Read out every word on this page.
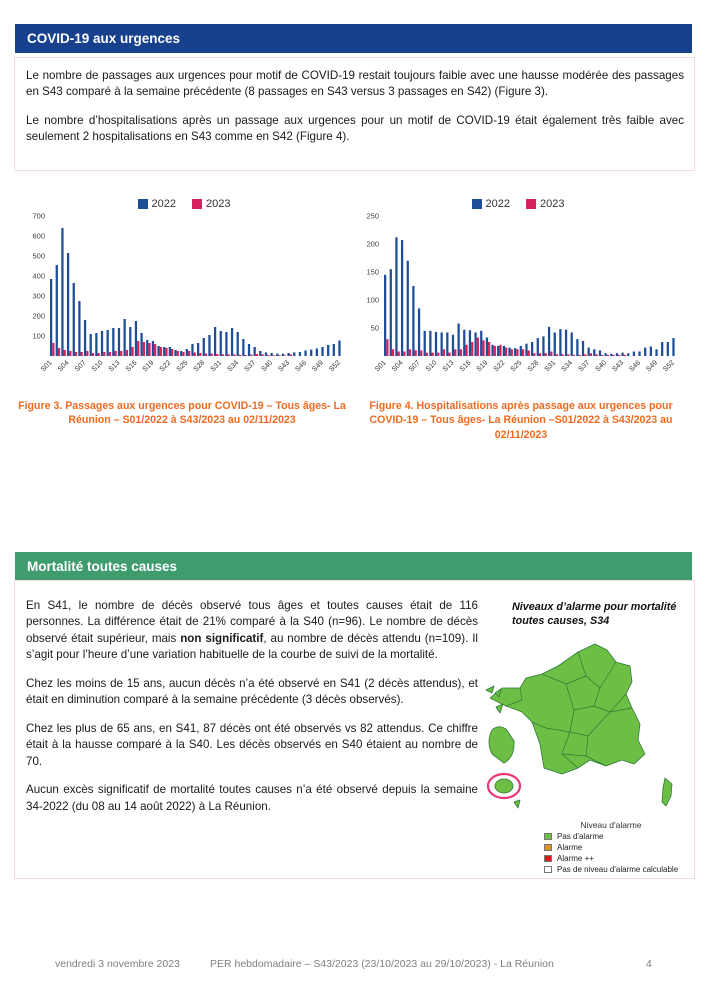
COVID-19 aux urgences

Le nombre de passages aux urgences pour motif de COVID-19 restait toujours faible avec une hausse modérée des passages en S43 comparé à la semaine précédente (8 passages en S43 versus 3 passages en S42) (Figure 3).

Le nombre d’hospitalisations après un passage aux urgences pour un motif de COVID-19 était également très faible avec seulement 2 hospitalisations en S43 comme en S42 (Figure 4).

2022	2023
100
200
300
400
500
600
700
S01 S04 S07 S10 S13 S16 S19 S22 S25 S28 S31 S34 S37 S40 S43 S46 S49 S52
2022	2023
50
100
150
200
250
S01 S04 S07 S10 S13 S16 S19 S22 S25 S28 S31 S34 S37 S40 S43 S46 S49 S52
Figure 3. Passages aux urgences pour COVID-19 – Tous âges- La Réunion – S01/2022 à S43/2023 au 02/11/2023
Figure 4. Hospitalisations après passage aux urgences pour COVID-19 – Tous âges- La Réunion –S01/2022 à S43/2023 au 02/11/2023
Mortalité toutes causes

En S41, le nombre de décès observé tous âges et toutes causes était de 116 personnes. La différence était de 21% comparé à la S40 (n=96). Le nombre de décès observé était supérieur, mais non significatif, au nombre de décès attendu (n=109). Il s’agit pour l’heure d’une variation habituelle de la courbe de suivi de la mortalité.

Chez les moins de 15 ans, aucun décès n’a été observé en S41 (2 décès attendus), et était en diminution comparé à la semaine précédente (3 décès observés).

Chez les plus de 65 ans, en S41, 87 décès ont été observés vs 82 attendus. Ce chiffre était à la hausse comparé à la S40. Les décès observés en S40 étaient au nombre de 70.

Aucun excès significatif de mortalité toutes causes n’a été observé depuis la semaine 34-2022 (du 08 au 14 août 2022) à La Réunion.

Niveaux d’alarme pour mortalité toutes causes, S34
Niveau d'alarme
Pas d'alarme
Alarme
Alarme ++
Pas de niveau d'alarme calculable
vendredi 3 novembre 2023	PER hebdomadaire – S43/2023 (23/10/2023 au 29/10/2023) - La Réunion	4
